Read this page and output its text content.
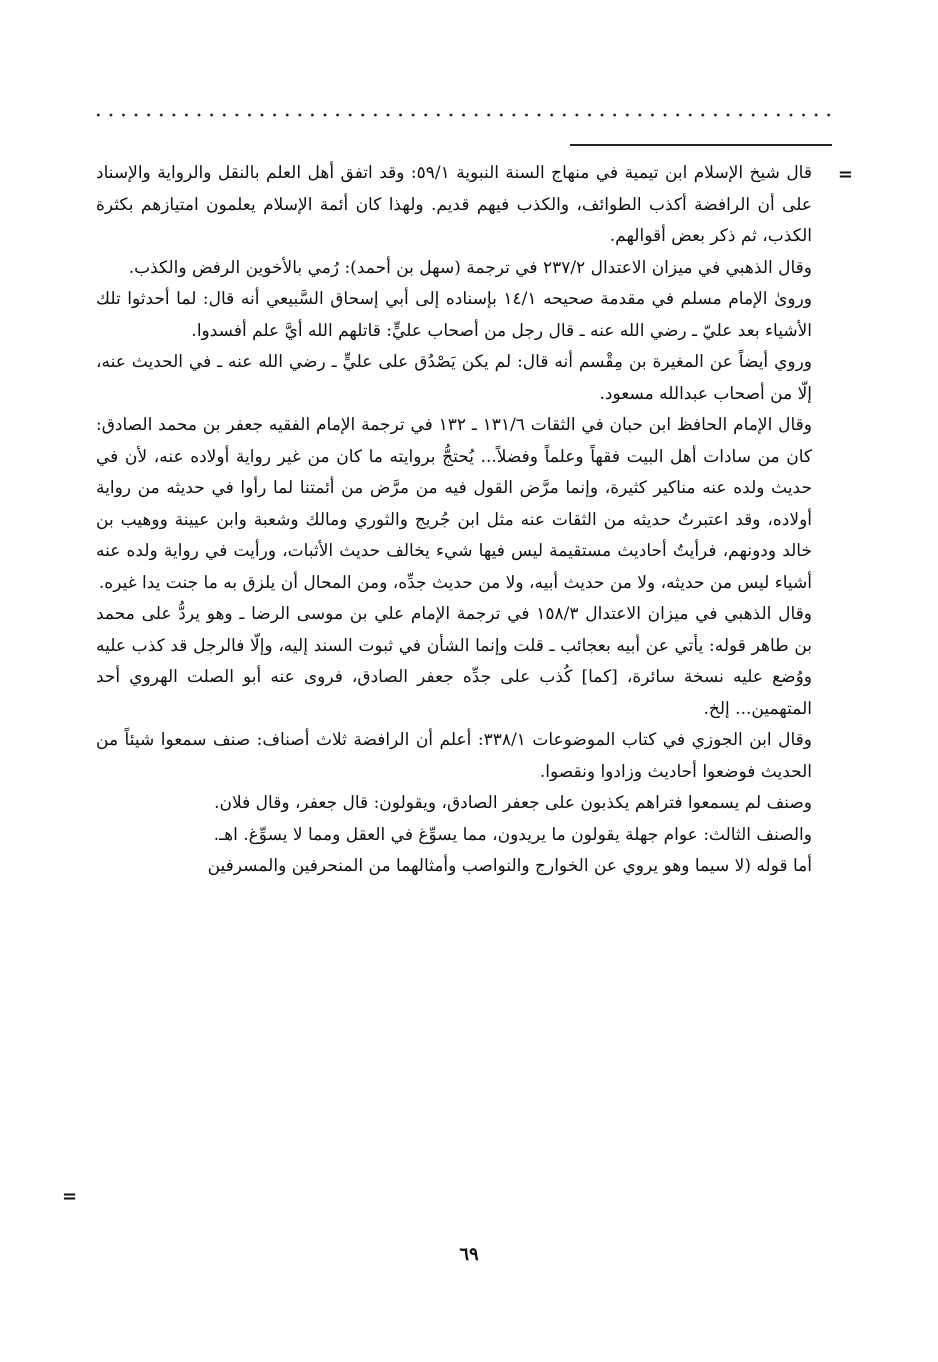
=
=

قال شيخ الإسلام ابن تيمية في منهاج السنة النبوية ٥٩/١: وقد اتفق أهل العلم بالنقل والرواية والإسناد على أن الرافضة أكذب الطوائف، والكذب فيهم قديم. ولهذا كان أئمة الإسلام يعلمون امتيازهم بكثرة الكذب، ثم ذكر بعض أقوالهم.

وقال الذهبي في ميزان الاعتدال ٢٣٧/٢ في ترجمة (سهل بن أحمد): رُمي بالأخوين الرفض والكذب.

وروىٰ الإمام مسلم في مقدمة صحيحه ١٤/١ بإسناده إلى أبي إسحاق السَّبيعي أنه قال: لما أحدثوا تلك الأشياء بعد عليّ ـ رضي الله عنه ـ قال رجل من أصحاب عليٍّ: قاتلهم الله أيَّ علم أفسدوا.

وروي أيضاً عن المغيرة بن مِقْسم أنه قال: لم يكن يَصْدُق على عليٍّ ـ رضي الله عنه ـ في الحديث عنه، إلّا من أصحاب عبدالله مسعود.

وقال الإمام الحافظ ابن حبان في الثقات ١٣١/٦ ـ ١٣٢ في ترجمة الإمام الفقيه جعفر بن محمد الصادق: كان من سادات أهل البيت فقهاً وعلماً وفضلاً... يُحتجُّ بروايته ما كان من غير رواية أولاده عنه، لأن في حديث ولده عنه مناكير كثيرة، وإنما مرَّض القول فيه من مرَّض من أئمتنا لما رأوا في حديثه من رواية أولاده، وقد اعتبرتُ حديثه من الثقات عنه مثل ابن جُريج والثوري ومالك وشعبة وابن عيينة ووهيب بن خالد ودونهم، فرأيتُ أحاديث مستقيمة ليس فيها شيء يخالف حديث الأثبات، ورأيت في رواية ولده عنه أشياء ليس من حديثه، ولا من حديث أبيه، ولا من حديث جدِّه، ومن المحال أن يلزق به ما جنت يدا غيره.

وقال الذهبي في ميزان الاعتدال ١٥٨/٣ في ترجمة الإمام علي بن موسى الرضا ـ وهو يردُّ على محمد بن طاهر قوله: يأتي عن أبيه بعجائب ـ قلت وإنما الشأن في ثبوت السند إليه، وإلّا فالرجل قد كذب عليه ووُضع عليه نسخة سائرة، [كما] كُذب على جدِّه جعفر الصادق، فروى عنه أبو الصلت الهروي أحد المتهمين... إلخ.

وقال ابن الجوزي في كتاب الموضوعات ٣٣٨/١: أعلم أن الرافضة ثلاث أصناف: صنف سمعوا شيئاً من الحديث فوضعوا أحاديث وزادوا ونقصوا.

وصنف لم يسمعوا فتراهم يكذبون على جعفر الصادق، ويقولون: قال جعفر، وقال فلان.

والصنف الثالث: عوام جهلة يقولون ما يريدون، مما يسوِّغ في العقل ومما لا يسوِّغ. اهـ.

أما قوله (لا سيما وهو يروي عن الخوارج والنواصب وأمثالهما من المنحرفين والمسرفين

٦٩
